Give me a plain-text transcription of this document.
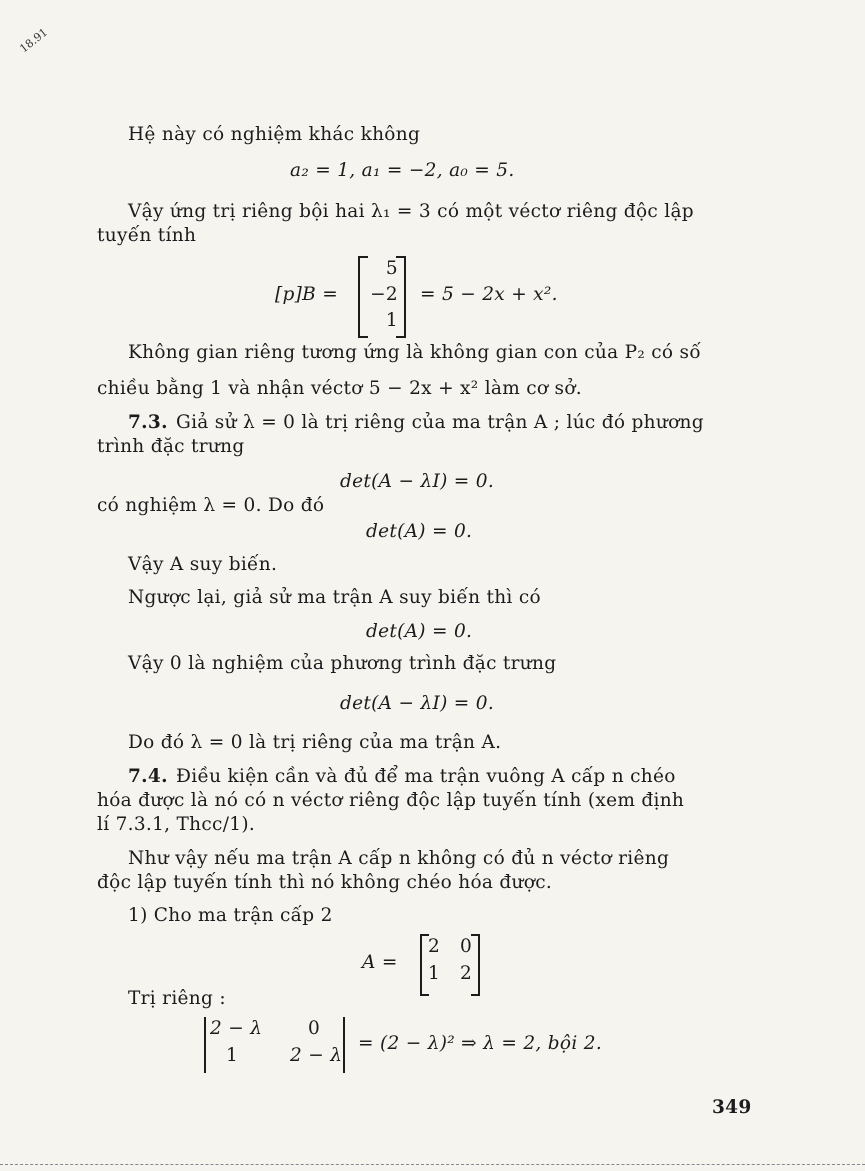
18.91
Hệ này có nghiệm khác không
a₂ = 1, a₁ = −2, a₀ = 5.
Vậy ứng trị riêng bội hai λ₁ = 3 có một véctơ riêng độc lập
tuyến tính
[p]B =
5
−2
1
= 5 − 2x + x².
Không gian riêng tương ứng là không gian con của P₂ có số
chiều bằng 1 và nhận véctơ 5 − 2x + x² làm cơ sở.
7.3. Giả sử λ = 0 là trị riêng của ma trận A ; lúc đó phương
trình đặc trưng
det(A − λI) = 0.
có nghiệm λ = 0. Do đó
det(A) = 0.
Vậy A suy biến.
Ngược lại, giả sử ma trận A suy biến thì có
det(A) = 0.
Vậy 0 là nghiệm của phương trình đặc trưng
det(A − λI) = 0.
Do đó λ = 0 là trị riêng của ma trận A.
7.4. Điều kiện cần và đủ để ma trận vuông A cấp n chéo
hóa được là nó có n véctơ riêng độc lập tuyến tính (xem định
lí 7.3.1, Thcc/1).
Như vậy nếu ma trận A cấp n không có đủ n véctơ riêng
độc lập tuyến tính thì nó không chéo hóa được.
1) Cho ma trận cấp 2
A =
2 0
1 2
Trị riêng :
2 − λ 0
1	2 − λ
= (2 − λ)² ⇒ λ = 2, bội 2.
349
